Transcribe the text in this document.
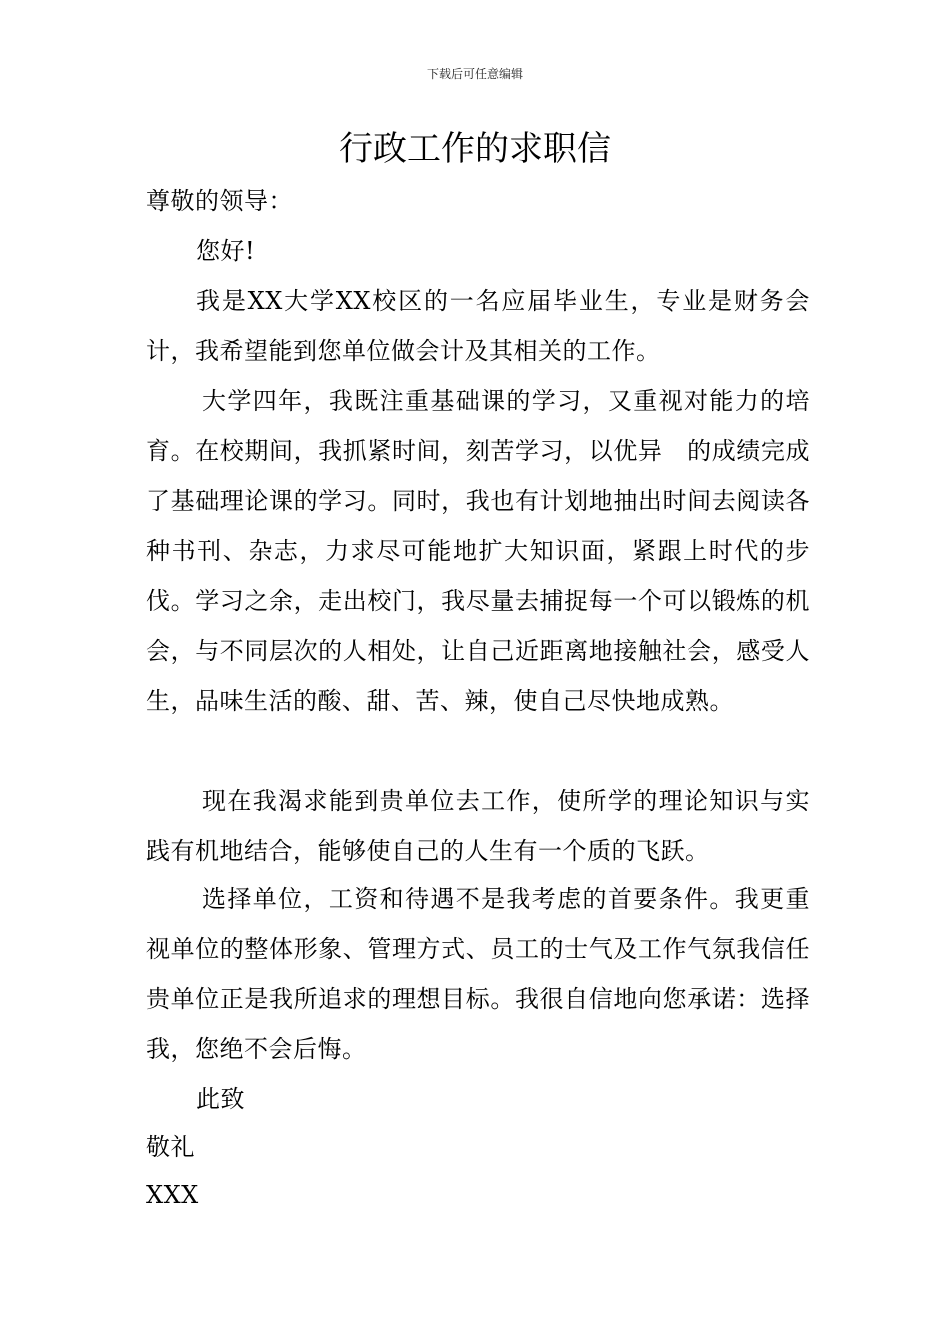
下载后可任意编辑
行政工作的求职信
尊敬的领导：
您好!
我是XX大学XX校区的一名应届毕业生，专业是财务会计，我希望能到您单位做会计及其相关的工作。
大学四年，我既注重基础课的学习，又重视对能力的培育。在校期间，我抓紧时间，刻苦学习，以优异　的成绩完成了基础理论课的学习。同时，我也有计划地抽出时间去阅读各种书刊、杂志，力求尽可能地扩大知识面，紧跟上时代的步伐。学习之余，走出校门，我尽量去捕捉每一个可以锻炼的机会，与不同层次的人相处，让自己近距离地接触社会，感受人生，品味生活的酸、甜、苦、辣，使自己尽快地成熟。
现在我渴求能到贵单位去工作，使所学的理论知识与实践有机地结合，能够使自己的人生有一个质的飞跃。
选择单位，工资和待遇不是我考虑的首要条件。我更重视单位的整体形象、管理方式、员工的士气及工作气氛我信任贵单位正是我所追求的理想目标。我很自信地向您承诺：选择我，您绝不会后悔。
此致
敬礼
XXX
